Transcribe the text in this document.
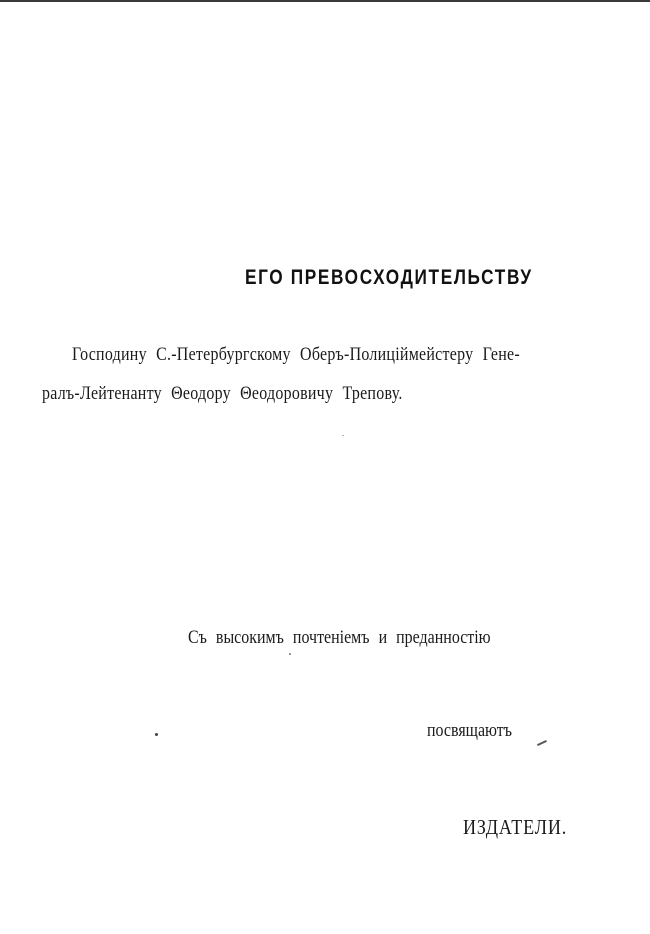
ЕГО ПРЕВОСХОДИТЕЛЬСТВУ
Господину С.-Петербургскому Оберъ-Полицiймейстеру Гене-
ралъ-Лейтенанту Θеодору Θеодоровичу Трепову.
Съ высокимъ почтенiемъ и преданностiю
посвящаютъ
ИЗДАТЕЛИ.
